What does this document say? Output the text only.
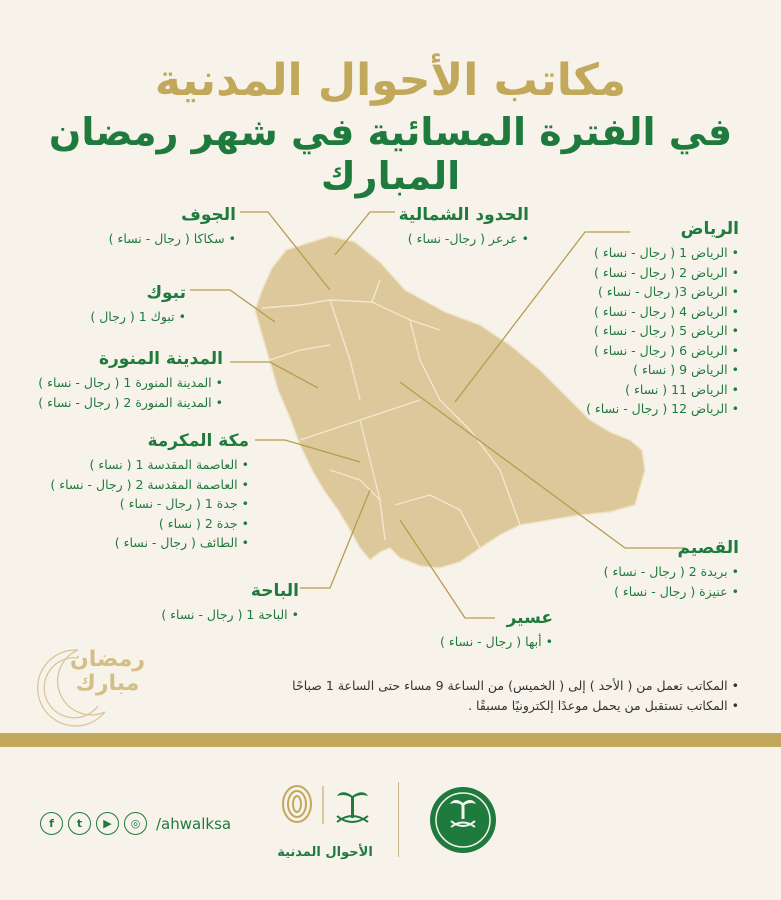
مكاتب الأحوال المدنية
في الفترة المسائية في شهر رمضان المبارك
رمضان
مبارك
الجوف
• سكاكا ( رجال - نساء )
الحدود الشمالية
• عرعر ( رجال- نساء )	الرياض
• الرياض 1 ( رجال - نساء )
• الرياض 2 ( رجال - نساء )
• الرياض 3( رجال - نساء )
• الرياض 4 ( رجال - نساء )
• الرياض 5 ( رجال - نساء )
• الرياض 6 ( رجال - نساء )
• الرياض 9 ( نساء )
• الرياض 11 ( نساء )
• الرياض 12 ( رجال - نساء )
تبوك
• تبوك 1 ( رجال )
المدينة المنورة
• المدينة المنورة 1 ( رجال - نساء )
• المدينة المنورة 2 ( رجال - نساء )
مكة المكرمة
• العاصمة المقدسة 1 ( نساء )
• العاصمة المقدسة 2 ( رجال - نساء )
• جدة 1 ( رجال - نساء )
• جدة 2 ( نساء )
• الطائف ( رجال - نساء )	القصيم
• بريدة 2 ( رجال - نساء )
• عنيزة ( رجال - نساء )
الباحة
• الباحة 1 ( رجال - نساء )	عسير
• أبها ( رجال - نساء )
• المكاتب تعمل من ( الأحد ) إلى ( الخميس) من الساعة 9 مساء حتى الساعة 1 صباحًا
• المكاتب تستقبل من يحمل موعدًا إلكترونيًا مسبقًا .
f	t	▶	◎	/ahwalksa
الأحوال المدنية
